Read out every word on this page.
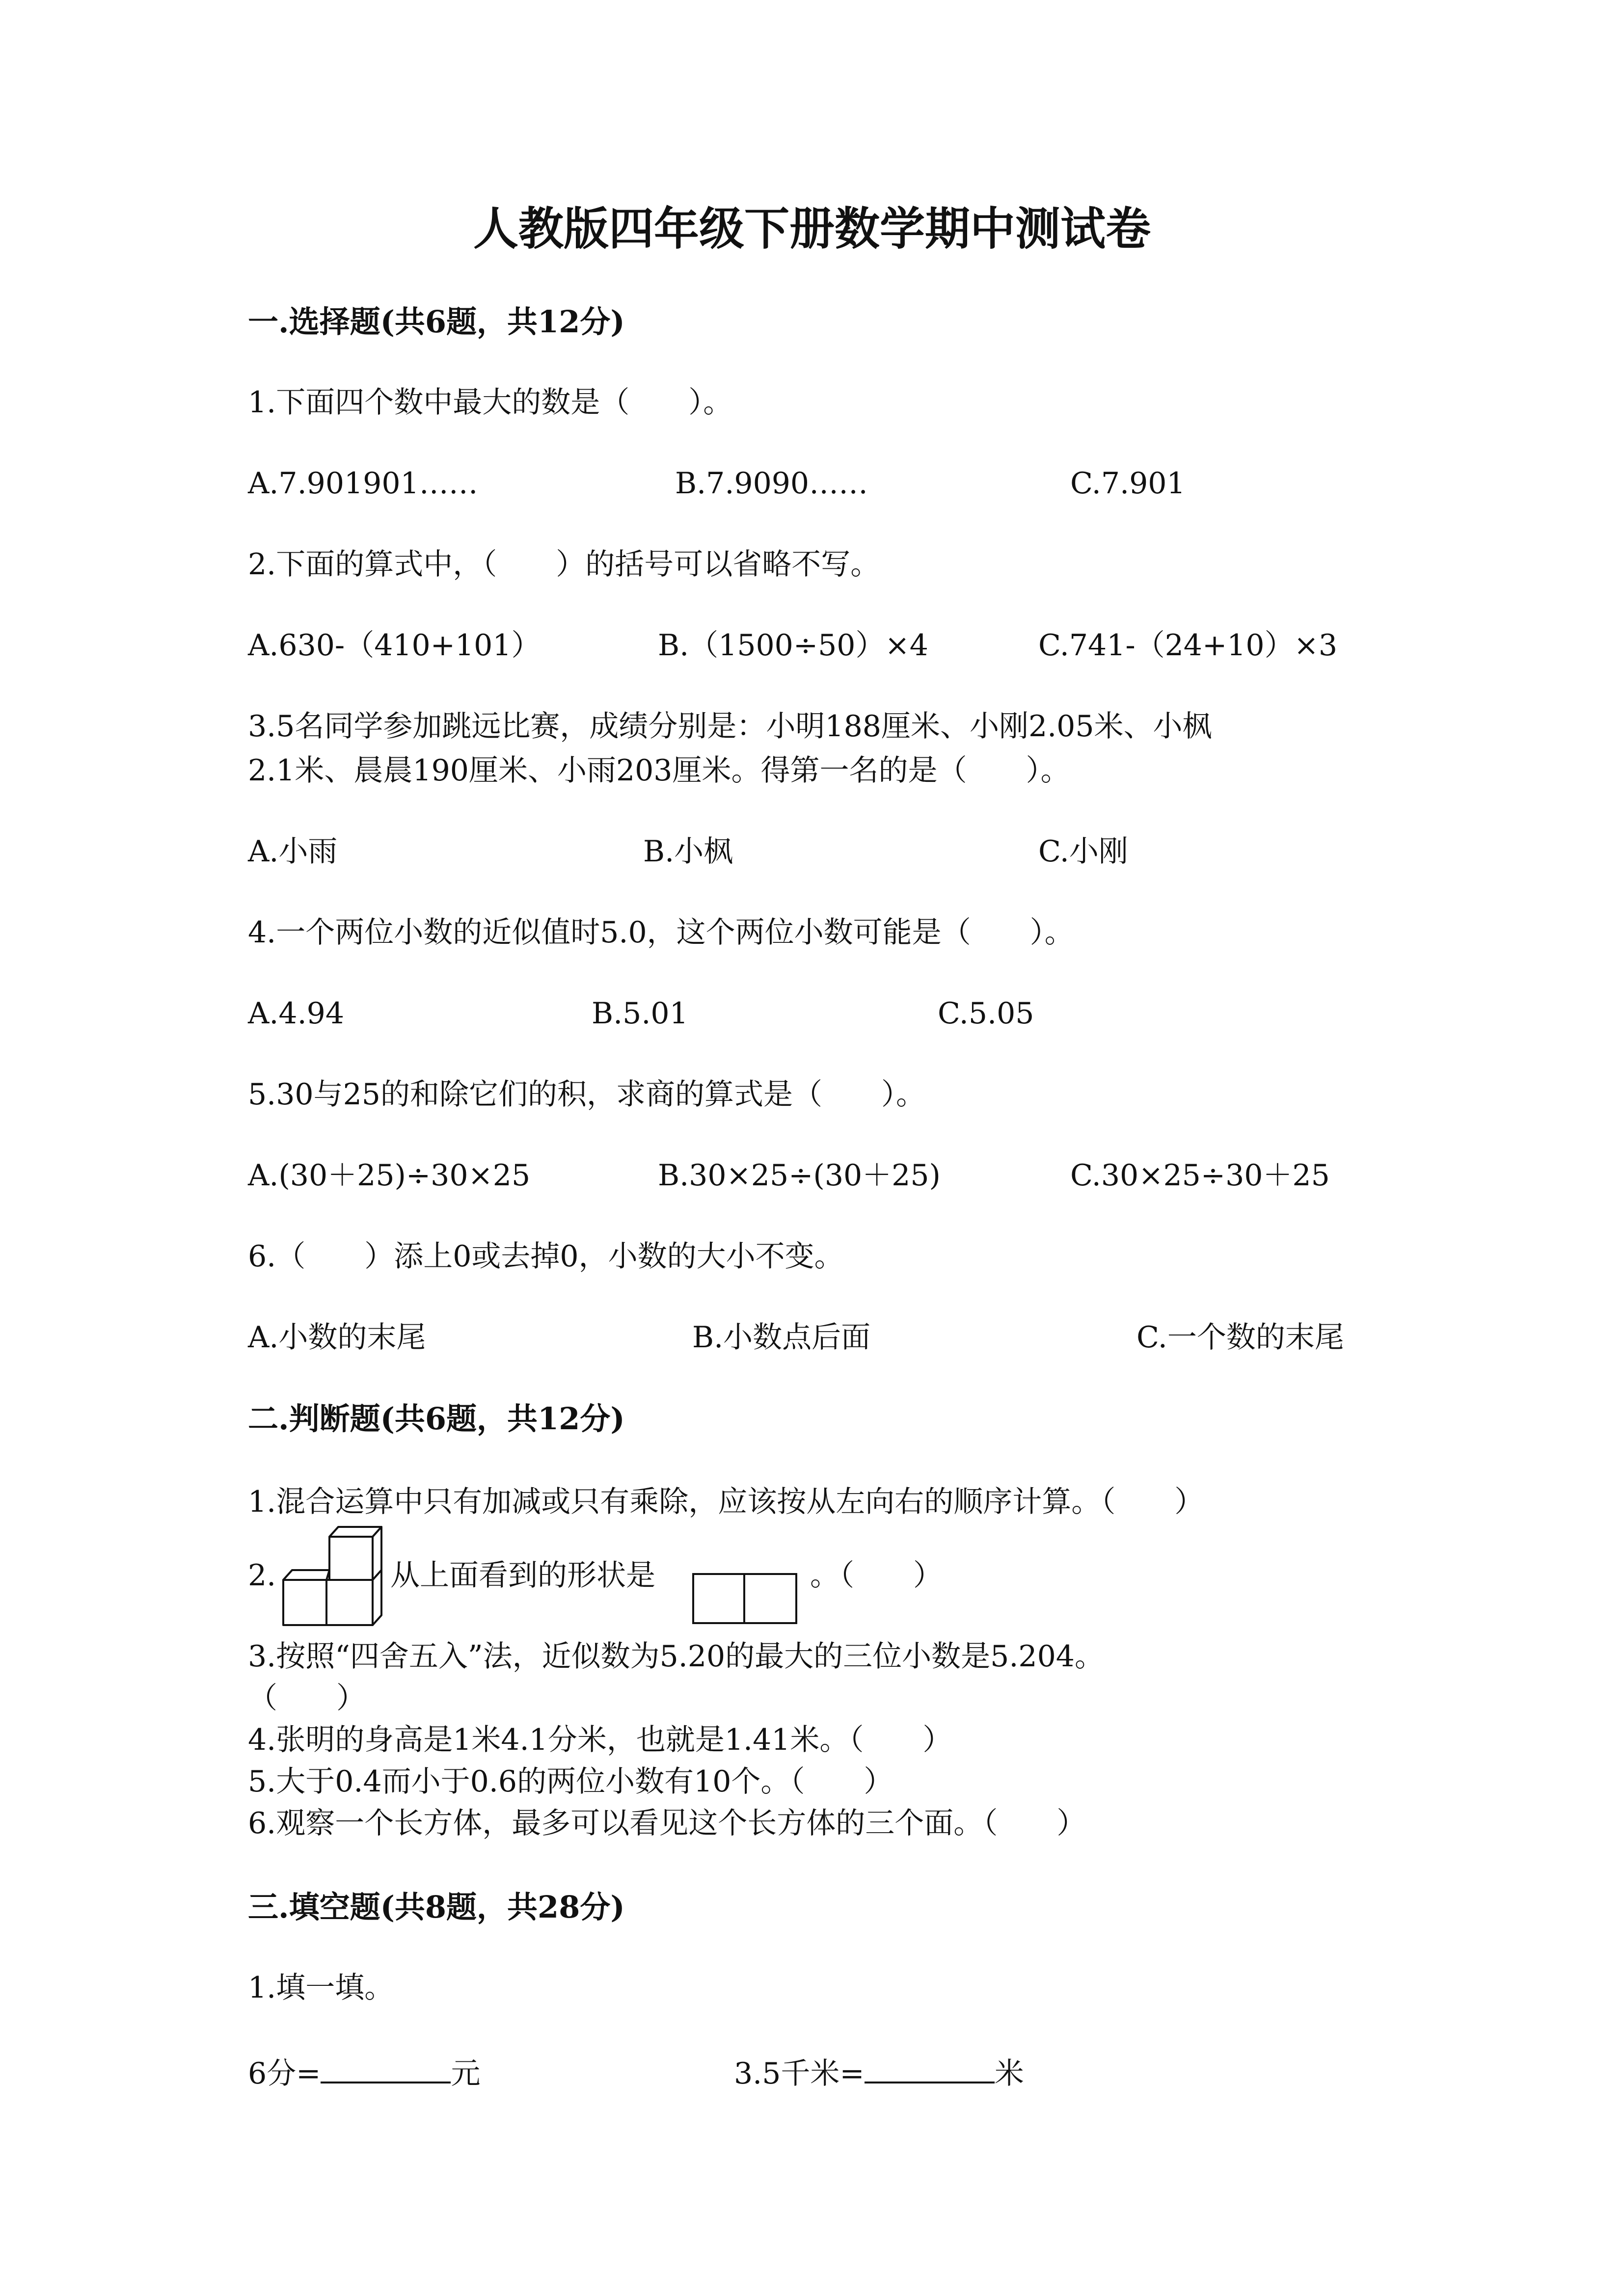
人教版四年级下册数学期中测试卷
一.选择题(共6题，共12分)
1.下面四个数中最大的数是（　　）。
A.7.901901……	B.7.9090……	C.7.901
2.下面的算式中，（　　）的括号可以省略不写。
A.630-（410+101）	B.（1500÷50）×4	C.741-（24+10）×3
3.5名同学参加跳远比赛，成绩分别是：小明188厘米、小刚2.05米、小枫
2.1米、晨晨190厘米、小雨203厘米。得第一名的是（　　）。
A.小雨	B.小枫	C.小刚
4.一个两位小数的近似值时5.0，这个两位小数可能是（　　）。
A.4.94	B.5.01	C.5.05
5.30与25的和除它们的积，求商的算式是（　　）。
A.(30＋25)÷30×25	B.30×25÷(30＋25)	C.30×25÷30＋25
6.（　　）添上0或去掉0，小数的大小不变。
A.小数的末尾	B.小数点后面	C.一个数的末尾
二.判断题(共6题，共12分)
1.混合运算中只有加减或只有乘除，应该按从左向右的顺序计算。（　　）
2.	从上面看到的形状是	。（　　）
3.按照“四舍五入”法，近似数为5.20的最大的三位小数是5.204。
（　　）
4.张明的身高是1米4.1分米，也就是1.41米。（　　）
5.大于0.4而小于0.6的两位小数有10个。（　　）
6.观察一个长方体，最多可以看见这个长方体的三个面。（　　）
三.填空题(共8题，共28分)
1.填一填。
6分=	元	3.5千米=	米
